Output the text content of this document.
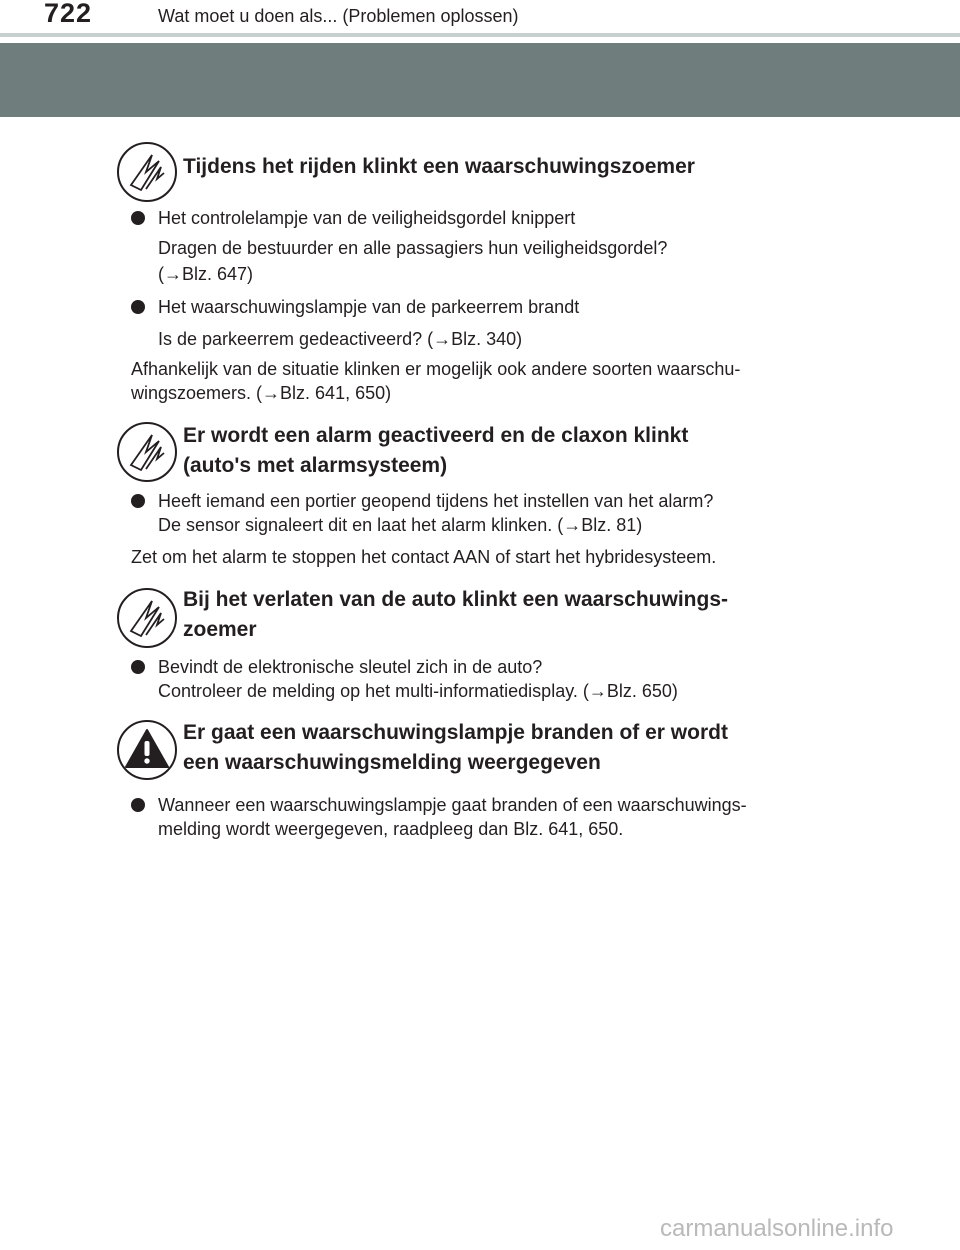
722	Wat moet u doen als... (Problemen oplossen)
Tijdens het rijden klinkt een waarschuwingszoemer
Het controlelampje van de veiligheidsgordel knippert
Dragen de bestuurder en alle passagiers hun veiligheidsgordel?
(→Blz. 647)
Het waarschuwingslampje van de parkeerrem brandt
Is de parkeerrem gedeactiveerd? (→Blz. 340)
Afhankelijk van de situatie klinken er mogelijk ook andere soorten waarschu-
wingszoemers. (→Blz. 641, 650)
Er wordt een alarm geactiveerd en de claxon klinkt
(auto's met alarmsysteem)
Heeft iemand een portier geopend tijdens het instellen van het alarm?
De sensor signaleert dit en laat het alarm klinken. (→Blz. 81)
Zet om het alarm te stoppen het contact AAN of start het hybridesysteem.
Bij het verlaten van de auto klinkt een waarschuwings-
zoemer
Bevindt de elektronische sleutel zich in de auto?
Controleer de melding op het multi-informatiedisplay. (→Blz. 650)
Er gaat een waarschuwingslampje branden of er wordt
een waarschuwingsmelding weergegeven
Wanneer een waarschuwingslampje gaat branden of een waarschuwings-
melding wordt weergegeven, raadpleeg dan Blz. 641, 650.
carmanualsonline.info
